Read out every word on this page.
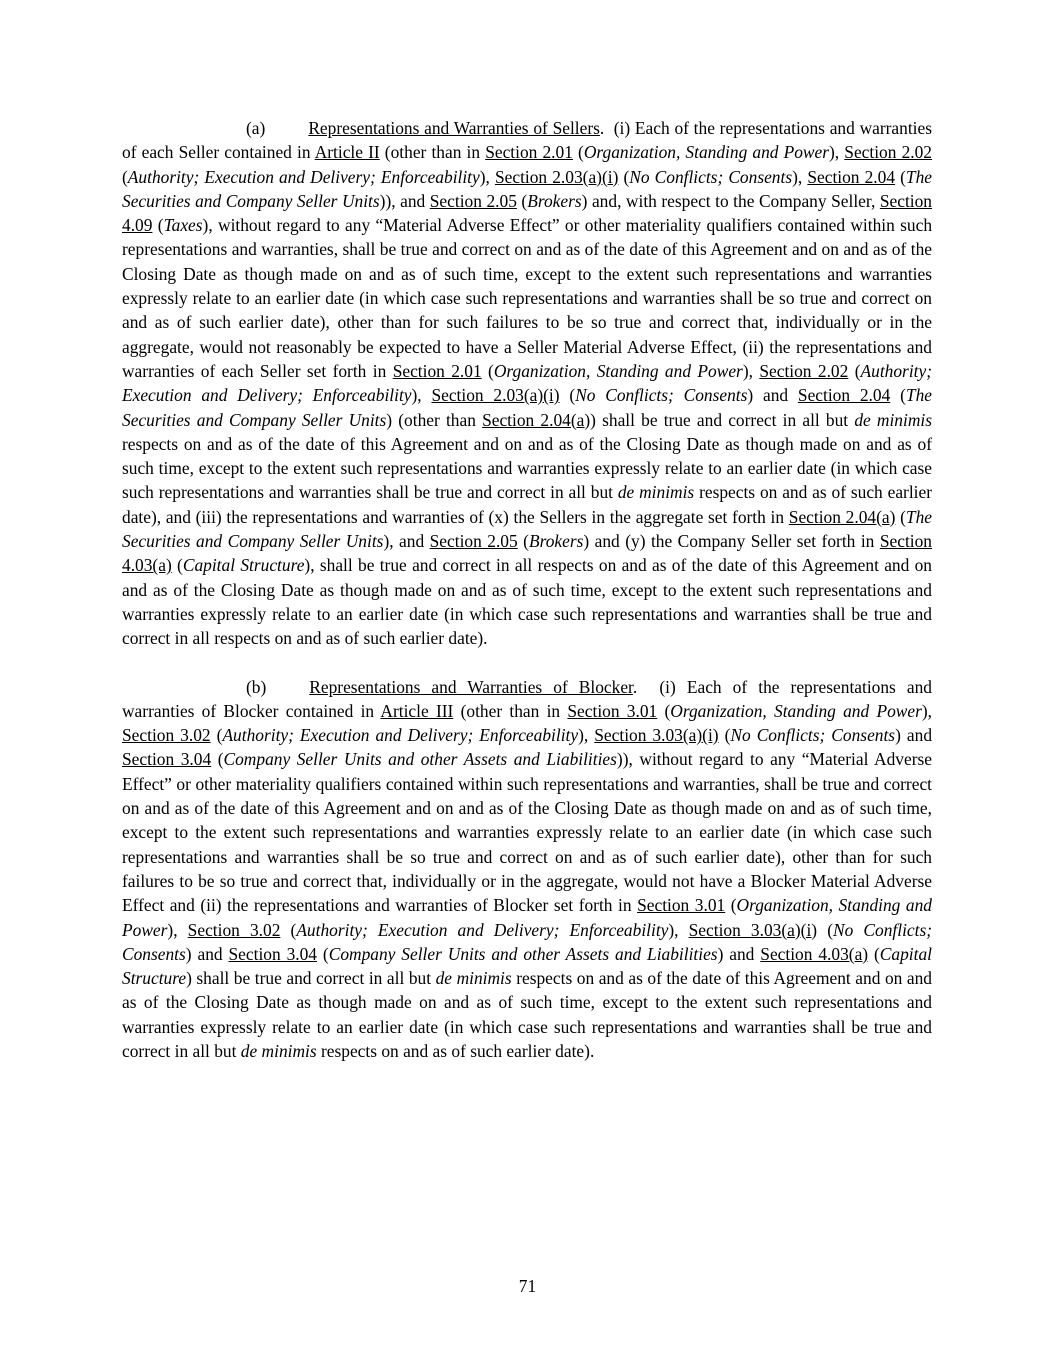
(a) Representations and Warranties of Sellers.  (i) Each of the representations and warranties of each Seller contained in Article II (other than in Section 2.01 (Organization, Standing and Power), Section 2.02 (Authority; Execution and Delivery; Enforceability), Section 2.03(a)(i) (No Conflicts; Consents), Section 2.04 (The Securities and Company Seller Units)), and Section 2.05 (Brokers) and, with respect to the Company Seller, Section 4.09 (Taxes), without regard to any “Material Adverse Effect” or other materiality qualifiers contained within such representations and warranties, shall be true and correct on and as of the date of this Agreement and on and as of the Closing Date as though made on and as of such time, except to the extent such representations and warranties expressly relate to an earlier date (in which case such representations and warranties shall be so true and correct on and as of such earlier date), other than for such failures to be so true and correct that, individually or in the aggregate, would not reasonably be expected to have a Seller Material Adverse Effect, (ii) the representations and warranties of each Seller set forth in Section 2.01 (Organization, Standing and Power), Section 2.02 (Authority; Execution and Delivery; Enforceability), Section 2.03(a)(i) (No Conflicts; Consents) and Section 2.04 (The Securities and Company Seller Units) (other than Section 2.04(a)) shall be true and correct in all but de minimis respects on and as of the date of this Agreement and on and as of the Closing Date as though made on and as of such time, except to the extent such representations and warranties expressly relate to an earlier date (in which case such representations and warranties shall be true and correct in all but de minimis respects on and as of such earlier date), and (iii) the representations and warranties of (x) the Sellers in the aggregate set forth in Section 2.04(a) (The Securities and Company Seller Units), and Section 2.05 (Brokers) and (y) the Company Seller set forth in Section 4.03(a) (Capital Structure), shall be true and correct in all respects on and as of the date of this Agreement and on and as of the Closing Date as though made on and as of such time, except to the extent such representations and warranties expressly relate to an earlier date (in which case such representations and warranties shall be true and correct in all respects on and as of such earlier date).

(b) Representations and Warranties of Blocker.  (i) Each of the representations and warranties of Blocker contained in Article III (other than in Section 3.01 (Organization, Standing and Power), Section 3.02 (Authority; Execution and Delivery; Enforceability), Section 3.03(a)(i) (No Conflicts; Consents) and Section 3.04 (Company Seller Units and other Assets and Liabilities)), without regard to any “Material Adverse Effect” or other materiality qualifiers contained within such representations and warranties, shall be true and correct on and as of the date of this Agreement and on and as of the Closing Date as though made on and as of such time, except to the extent such representations and warranties expressly relate to an earlier date (in which case such representations and warranties shall be so true and correct on and as of such earlier date), other than for such failures to be so true and correct that, individually or in the aggregate, would not have a Blocker Material Adverse Effect and (ii) the representations and warranties of Blocker set forth in Section 3.01 (Organization, Standing and Power), Section 3.02 (Authority; Execution and Delivery; Enforceability), Section 3.03(a)(i) (No Conflicts; Consents) and Section 3.04 (Company Seller Units and other Assets and Liabilities) and Section 4.03(a) (Capital Structure) shall be true and correct in all but de minimis respects on and as of the date of this Agreement and on and as of the Closing Date as though made on and as of such time, except to the extent such representations and warranties expressly relate to an earlier date (in which case such representations and warranties shall be true and correct in all but de minimis respects on and as of such earlier date).

71
